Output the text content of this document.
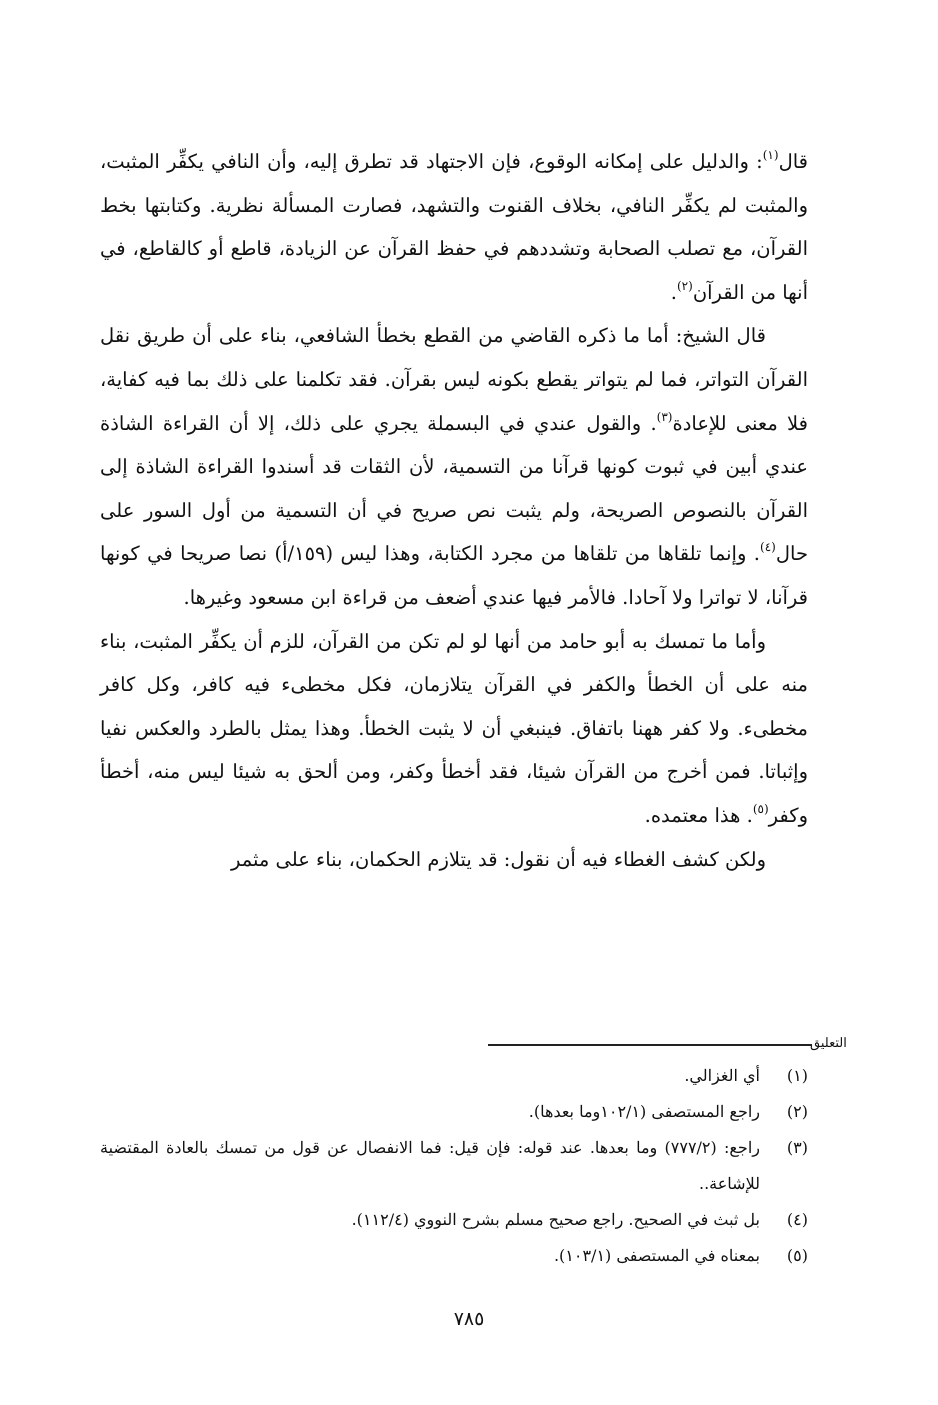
قال$^{(١)}$: والدليل على إمكانه الوقوع، فإن الاجتهاد قد تطرق إليه، وأن النافي يكفِّر المثبت، والمثبت لم يكفِّر النافي، بخلاف القنوت والتشهد، فصارت المسألة نظرية. وكتابتها بخط القرآن، مع تصلب الصحابة وتشددهم في حفظ القرآن عن الزيادة، قاطع أو كالقاطع، في أنها من القرآن$^{(٢)}$.

قال الشيخ: أما ما ذكره القاضي من القطع بخطأ الشافعي، بناء على أن طريق نقل القرآن التواتر، فما لم يتواتر يقطع بكونه ليس بقرآن. فقد تكلمنا على ذلك بما فيه كفاية، فلا معنى للإعادة$^{(٣)}$. والقول عندي في البسملة يجري على ذلك، إلا أن القراءة الشاذة عندي أبين في ثبوت كونها قرآنا من التسمية، لأن الثقات قد أسندوا القراءة الشاذة إلى القرآن بالنصوص الصريحة، ولم يثبت نص صريح في أن التسمية من أول السور على حال$^{(٤)}$. وإنما تلقاها من تلقاها من مجرد الكتابة، وهذا ليس (١٥٩/أ) نصا صريحا في كونها قرآنا، لا تواترا ولا آحادا. فالأمر فيها عندي أضعف من قراءة ابن مسعود وغيرها.

وأما ما تمسك به أبو حامد من أنها لو لم تكن من القرآن، للزم أن يكفِّر المثبت، بناء منه على أن الخطأ والكفر في القرآن يتلازمان، فكل مخطىء فيه كافر، وكل كافر مخطىء. ولا كفر ههنا باتفاق. فينبغي أن لا يثبت الخطأ. وهذا يمثل بالطرد والعكس نفيا وإثباتا. فمن أخرج من القرآن شيئا، فقد أخطأ وكفر، ومن ألحق به شيئا ليس منه، أخطأ وكفر$^{(٥)}$. هذا معتمده.

ولكن كشف الغطاء فيه أن نقول: قد يتلازم الحكمان، بناء على مثمر

التعليق
(١)
أي الغزالي.
(٢)
راجع المستصفى (١٠٢/١وما بعدها).
(٣)
راجع: (٧٧٧/٢) وما بعدها. عند قوله: فإن قيل: فما الانفصال عن قول من تمسك بالعادة المقتضية للإشاعة..
(٤)
بل ثبث في الصحيح. راجع صحيح مسلم بشرح النووي (١١٢/٤).
(٥)
بمعناه في المستصفى (١٠٣/١).
٧٨٥
